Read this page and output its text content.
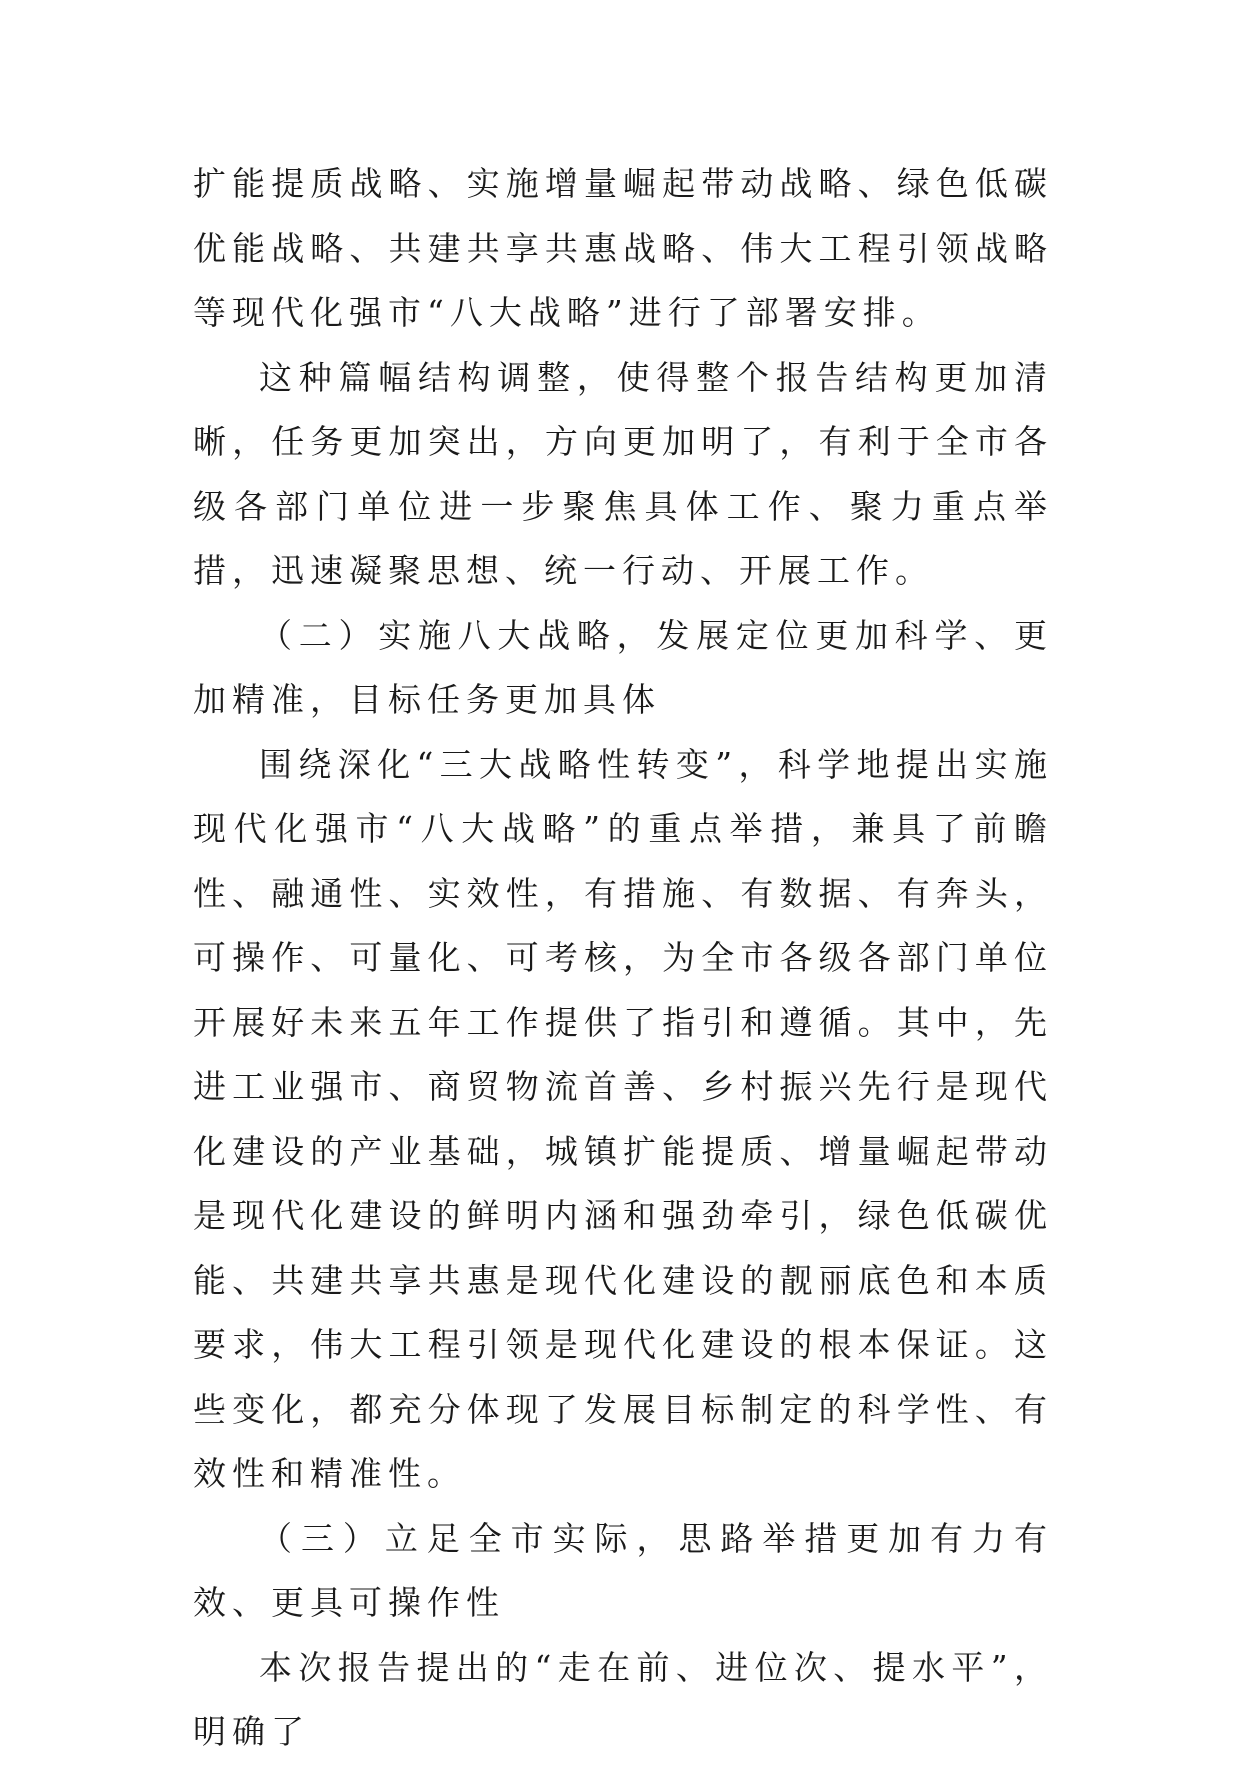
扩能提质战略、实施增量崛起带动战略、绿色低碳优能战略、共建共享共惠战略、伟大工程引领战略等现代化强市“八大战略”进行了部署安排。

这种篇幅结构调整，使得整个报告结构更加清晰，任务更加突出，方向更加明了，有利于全市各级各部门单位进一步聚焦具体工作、聚力重点举措，迅速凝聚思想、统一行动、开展工作。

（二）实施八大战略，发展定位更加科学、更加精准，目标任务更加具体

围绕深化“三大战略性转变”，科学地提出实施现代化强市“八大战略”的重点举措，兼具了前瞻性、融通性、实效性，有措施、有数据、有奔头，可操作、可量化、可考核，为全市各级各部门单位开展好未来五年工作提供了指引和遵循。其中，先进工业强市、商贸物流首善、乡村振兴先行是现代化建设的产业基础，城镇扩能提质、增量崛起带动是现代化建设的鲜明内涵和强劲牵引，绿色低碳优能、共建共享共惠是现代化建设的靓丽底色和本质要求，伟大工程引领是现代化建设的根本保证。这些变化，都充分体现了发展目标制定的科学性、有效性和精准性。

（三）立足全市实际，思路举措更加有力有效、更具可操作性

本次报告提出的“走在前、进位次、提水平”，明确了
